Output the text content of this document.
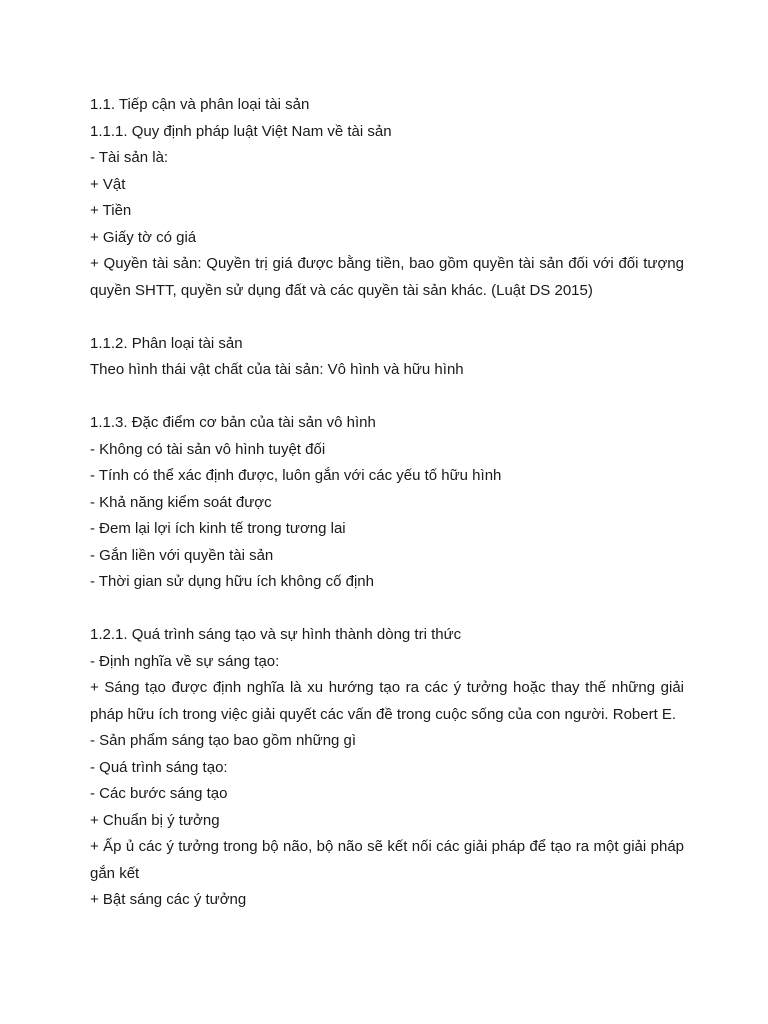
1.1. Tiếp cận và phân loại tài sản
1.1.1. Quy định pháp luật Việt Nam về tài sản
- Tài sản là:
+ Vật
+ Tiền
+ Giấy tờ có giá
+ Quyền tài sản: Quyền trị giá được bằng tiền, bao gồm quyền tài sản đối với đối tượng quyền SHTT, quyền sử dụng đất và các quyền tài sản khác. (Luật DS 2015)
1.1.2. Phân loại tài sản
Theo hình thái vật chất của tài sản: Vô hình và hữu hình
1.1.3. Đặc điểm cơ bản của tài sản vô hình
- Không có tài sản vô hình tuyệt đối
- Tính có thể xác định được, luôn gắn với các yếu tố hữu hình
- Khả năng kiểm soát được
- Đem lại lợi ích kinh tế trong tương lai
- Gắn liền với quyền tài sản
- Thời gian sử dụng hữu ích không cố định
1.2.1. Quá trình sáng tạo và sự hình thành dòng tri thức
- Định nghĩa về sự sáng tạo:
+ Sáng tạo được định nghĩa là xu hướng tạo ra các ý tưởng hoặc thay thế những giải pháp hữu ích trong việc giải quyết các vấn đề trong cuộc sống của con người. Robert E.
- Sản phẩm sáng tạo bao gồm những gì
- Quá trình sáng tạo:
- Các bước sáng tạo
+ Chuẩn bị ý tưởng
+ Ấp ủ các ý tưởng trong bộ não, bộ não sẽ kết nối các giải pháp để tạo ra một giải pháp gắn kết
+ Bật sáng các ý tưởng
